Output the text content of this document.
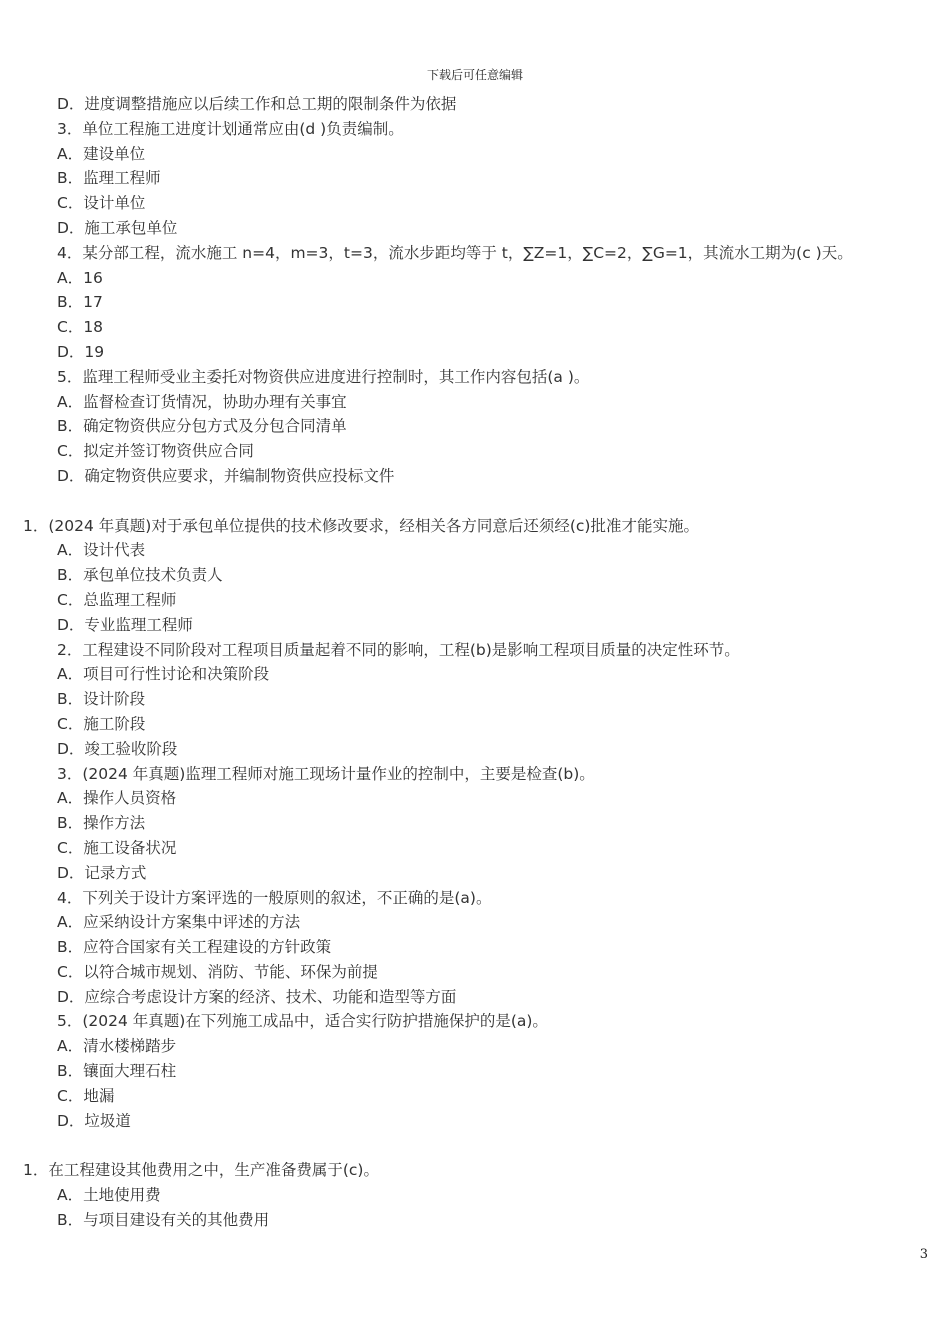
下载后可任意编辑
D．进度调整措施应以后续工作和总工期的限制条件为依据
3．单位工程施工进度计划通常应由(d )负责编制。
A．建设单位
B．监理工程师
C．设计单位
D．施工承包单位
4．某分部工程，流水施工 n=4，m=3，t=3，流水步距均等于 t，∑Z=1，∑C=2，∑G=1，其流水工期为(c )天。
A．16
B．17
C．18
D．19
5．监理工程师受业主委托对物资供应进度进行控制时，其工作内容包括(a )。
A．监督检查订货情况，协助办理有关事宜
B．确定物资供应分包方式及分包合同清单
C．拟定并签订物资供应合同
D．确定物资供应要求，并编制物资供应投标文件
1．(2024 年真题)对于承包单位提供的技术修改要求，经相关各方同意后还须经(c)批准才能实施。
A．设计代表
B．承包单位技术负责人
C．总监理工程师
D．专业监理工程师
2．工程建设不同阶段对工程项目质量起着不同的影响，工程(b)是影响工程项目质量的决定性环节。
A．项目可行性讨论和决策阶段
B．设计阶段
C．施工阶段
D．竣工验收阶段
3．(2024 年真题)监理工程师对施工现场计量作业的控制中，主要是检查(b)。
A．操作人员资格
B．操作方法
C．施工设备状况
D．记录方式
4．下列关于设计方案评选的一般原则的叙述，不正确的是(a)。
A．应采纳设计方案集中评述的方法
B．应符合国家有关工程建设的方针政策
C．以符合城市规划、消防、节能、环保为前提
D．应综合考虑设计方案的经济、技术、功能和造型等方面
5．(2024 年真题)在下列施工成品中，适合实行防护措施保护的是(a)。
A．清水楼梯踏步
B．镶面大理石柱
C．地漏
D．垃圾道
1．在工程建设其他费用之中，生产准备费属于(c)。
A．土地使用费
B．与项目建设有关的其他费用
3
